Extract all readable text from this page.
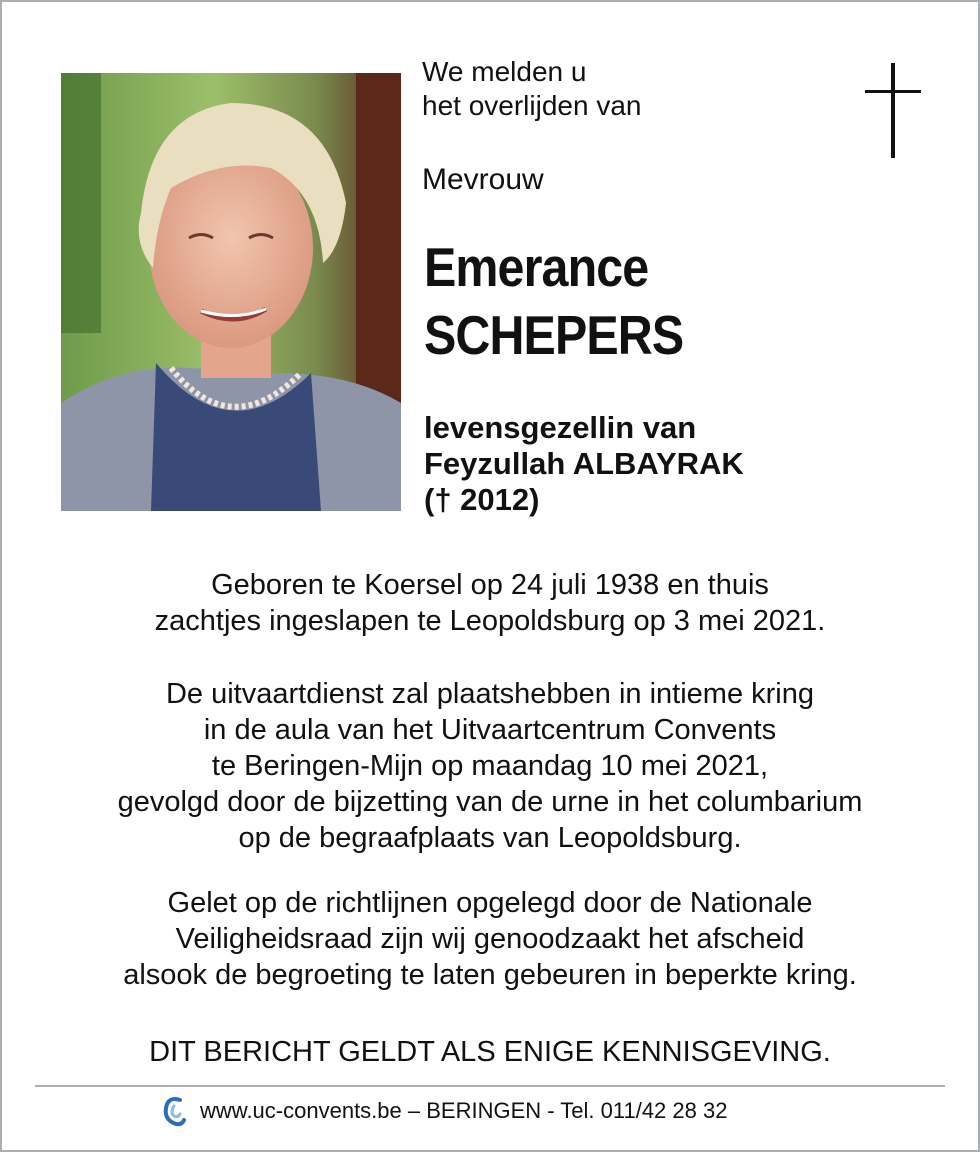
We melden u
het overlijden van
Mevrouw
Emerance
SCHEPERS
levensgezellin van
Feyzullah ALBAYRAK
(† 2012)
Geboren te Koersel op 24 juli 1938 en thuis
zachtjes ingeslapen te Leopoldsburg op 3 mei 2021.
De uitvaartdienst zal plaatshebben in intieme kring
in de aula van het Uitvaartcentrum Convents
te Beringen-Mijn op maandag 10 mei 2021,
gevolgd door de bijzetting van de urne in het columbarium
op de begraafplaats van Leopoldsburg.
Gelet op de richtlijnen opgelegd door de Nationale
Veiligheidsraad zijn wij genoodzaakt het afscheid
alsook de begroeting te laten gebeuren in beperkte kring.
DIT BERICHT GELDT ALS ENIGE KENNISGEVING.
www.uc-convents.be – BERINGEN - Tel. 011/42 28 32
